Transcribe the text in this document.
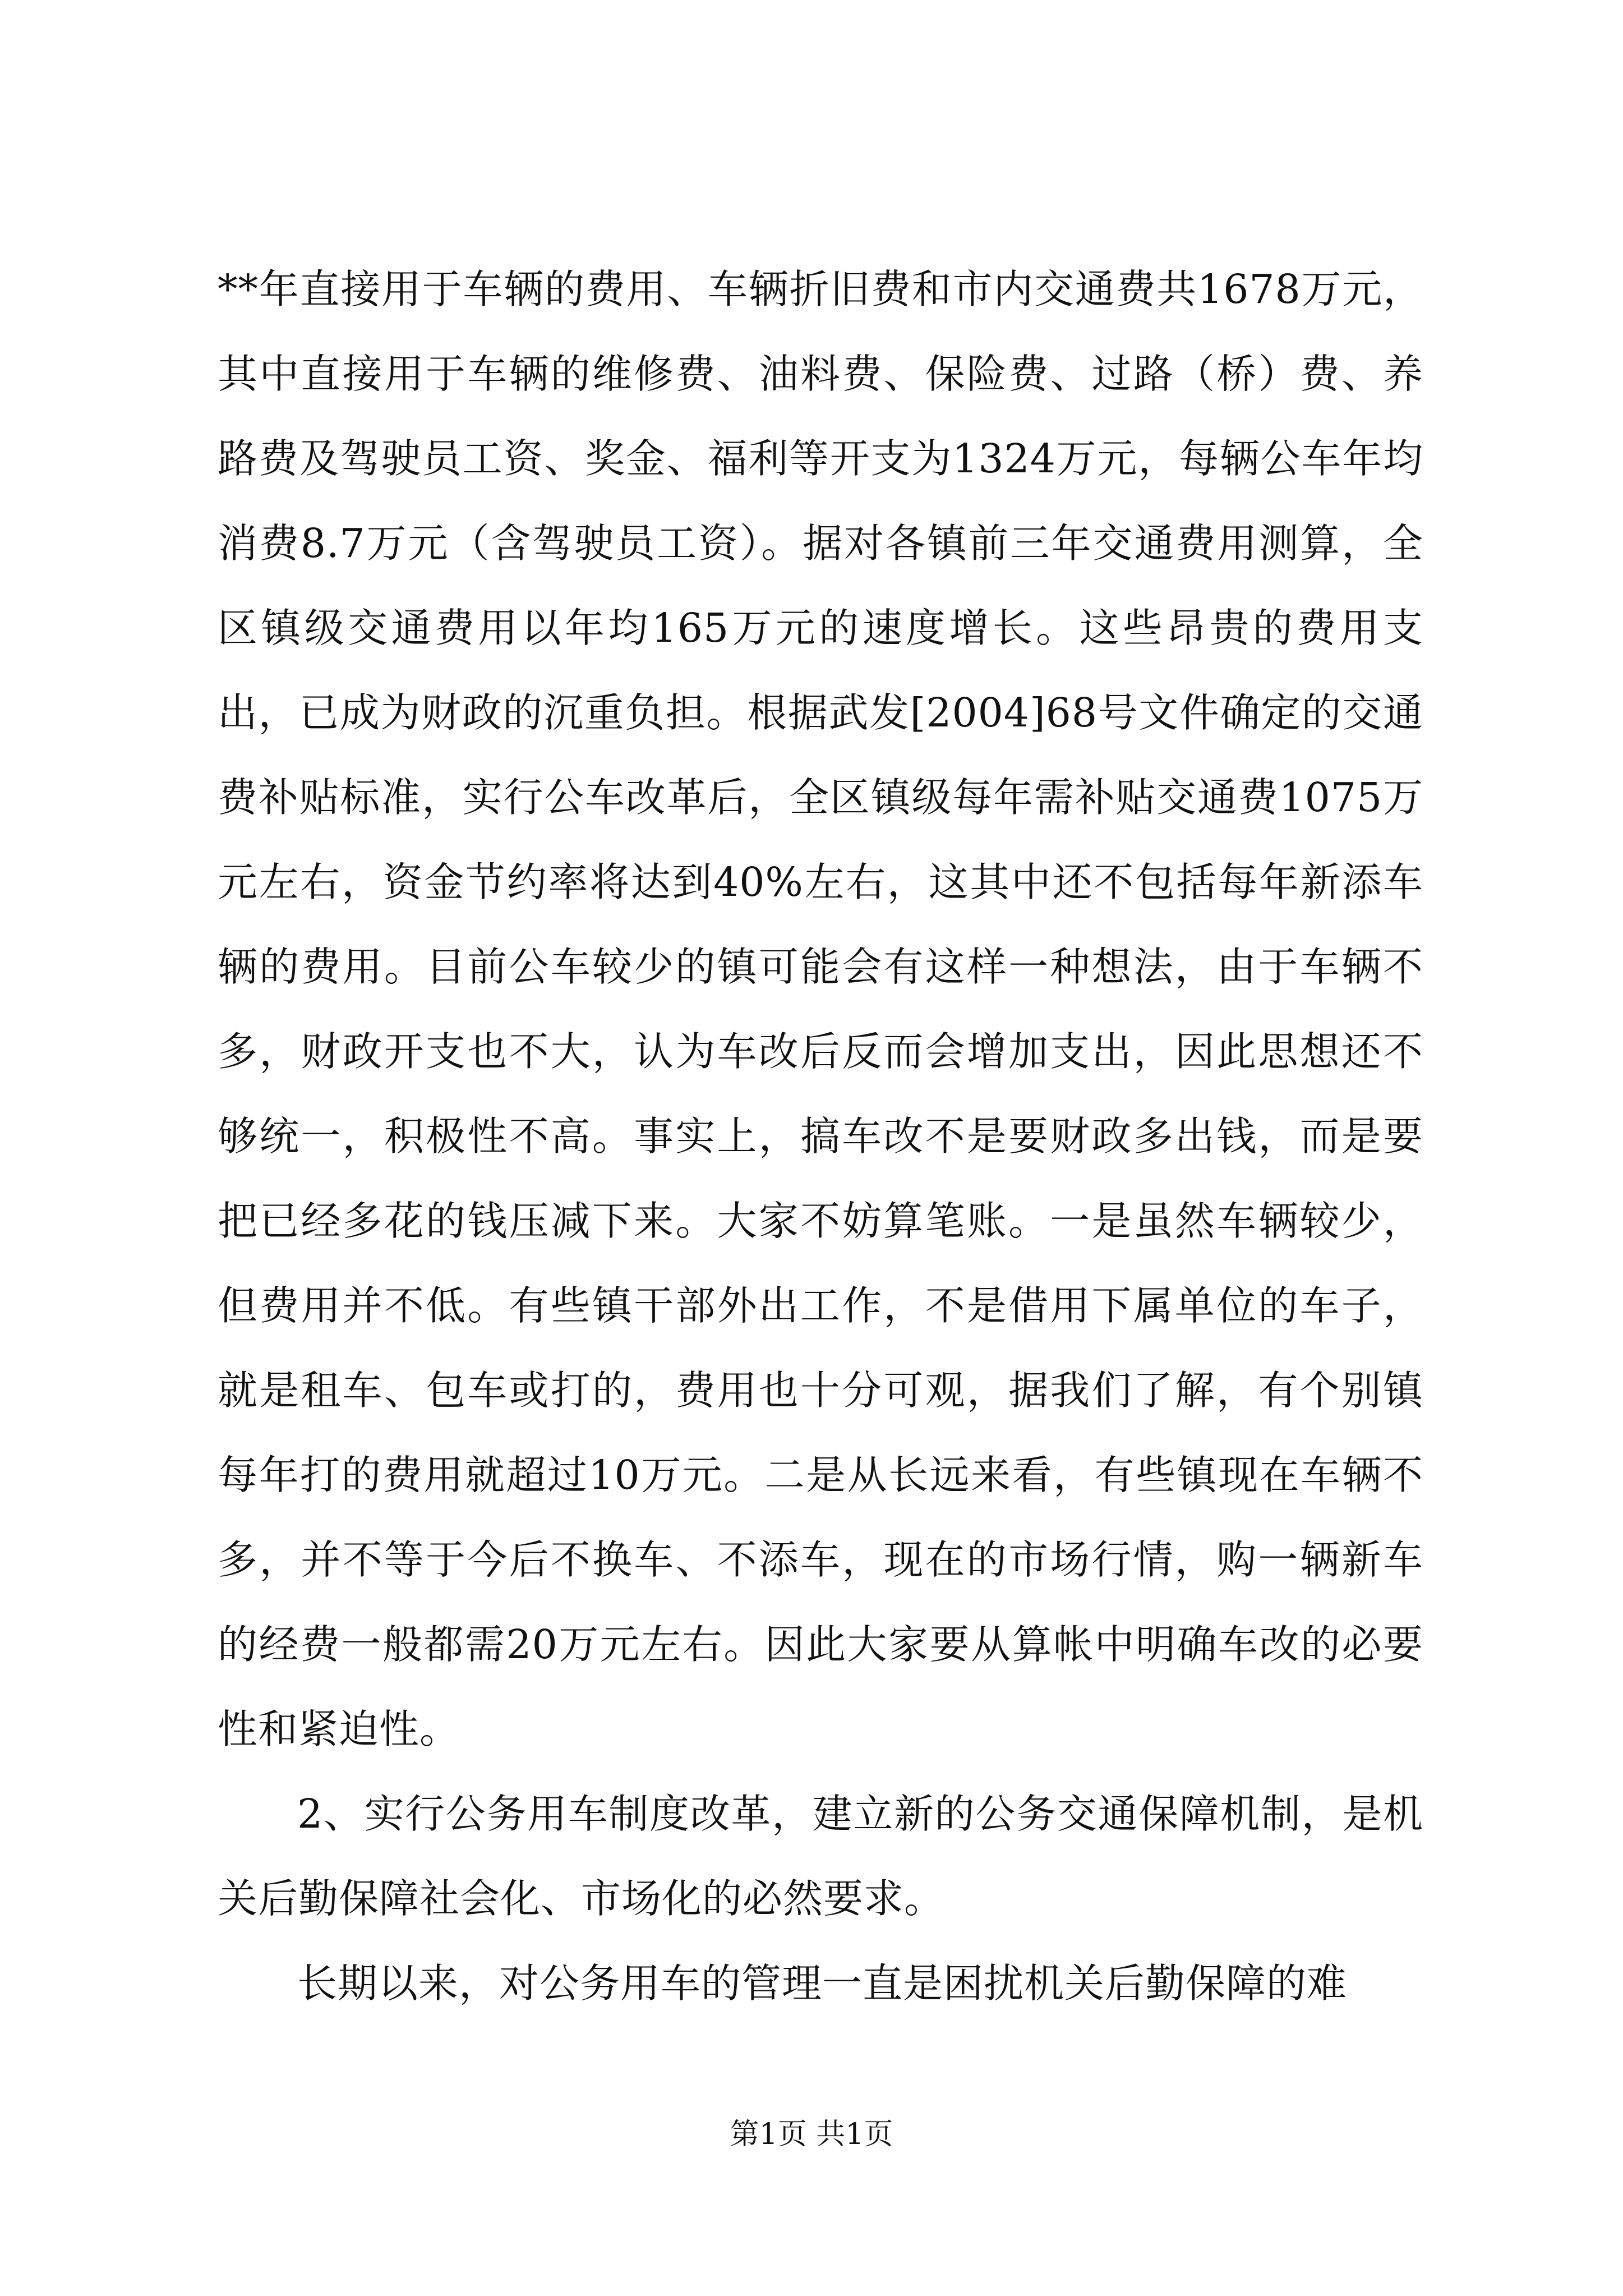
**年直接用于车辆的费用、车辆折旧费和市内交通费共1678万元，其中直接用于车辆的维修费、油料费、保险费、过路（桥）费、养路费及驾驶员工资、奖金、福利等开支为1324万元，每辆公车年均消费8.7万元（含驾驶员工资）。据对各镇前三年交通费用测算，全区镇级交通费用以年均165万元的速度增长。这些昂贵的费用支出，已成为财政的沉重负担。根据武发[2004]68号文件确定的交通费补贴标准，实行公车改革后，全区镇级每年需补贴交通费1075万元左右，资金节约率将达到40%左右，这其中还不包括每年新添车辆的费用。目前公车较少的镇可能会有这样一种想法，由于车辆不多，财政开支也不大，认为车改后反而会增加支出，因此思想还不够统一，积极性不高。事实上，搞车改不是要财政多出钱，而是要把已经多花的钱压减下来。大家不妨算笔账。一是虽然车辆较少，但费用并不低。有些镇干部外出工作，不是借用下属单位的车子，就是租车、包车或打的，费用也十分可观，据我们了解，有个别镇每年打的费用就超过10万元。二是从长远来看，有些镇现在车辆不多，并不等于今后不换车、不添车，现在的市场行情，购一辆新车的经费一般都需20万元左右。因此大家要从算帐中明确车改的必要性和紧迫性。

2、实行公务用车制度改革，建立新的公务交通保障机制，是机关后勤保障社会化、市场化的必然要求。

长期以来，对公务用车的管理一直是困扰机关后勤保障的难

第1页 共1页
